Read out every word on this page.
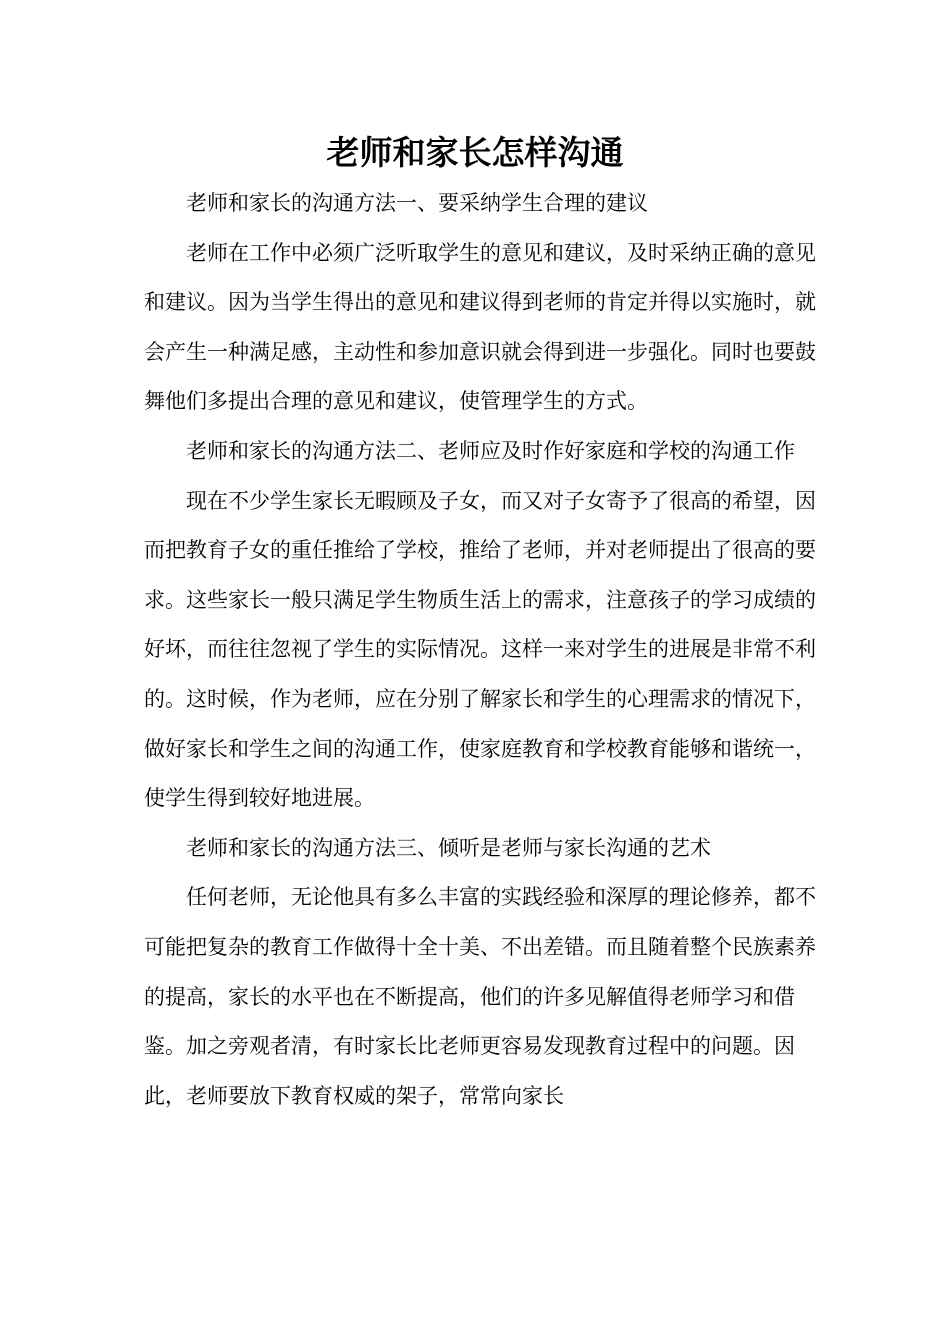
老师和家长怎样沟通

老师和家长的沟通方法一、要采纳学生合理的建议

老师在工作中必须广泛听取学生的意见和建议，及时采纳正确的意见和建议。因为当学生得出的意见和建议得到老师的肯定并得以实施时，就会产生一种满足感，主动性和参加意识就会得到进一步强化。同时也要鼓舞他们多提出合理的意见和建议，使管理学生的方式。

老师和家长的沟通方法二、老师应及时作好家庭和学校的沟通工作

现在不少学生家长无暇顾及子女，而又对子女寄予了很高的希望，因而把教育子女的重任推给了学校，推给了老师，并对老师提出了很高的要求。这些家长一般只满足学生物质生活上的需求，注意孩子的学习成绩的好坏，而往往忽视了学生的实际情况。这样一来对学生的进展是非常不利的。这时候，作为老师，应在分别了解家长和学生的心理需求的情况下，做好家长和学生之间的沟通工作，使家庭教育和学校教育能够和谐统一，使学生得到较好地进展。

老师和家长的沟通方法三、倾听是老师与家长沟通的艺术

任何老师，无论他具有多么丰富的实践经验和深厚的理论修养，都不可能把复杂的教育工作做得十全十美、不出差错。而且随着整个民族素养的提高，家长的水平也在不断提高，他们的许多见解值得老师学习和借鉴。加之旁观者清，有时家长比老师更容易发现教育过程中的问题。因此，老师要放下教育权威的架子，常常向家长
